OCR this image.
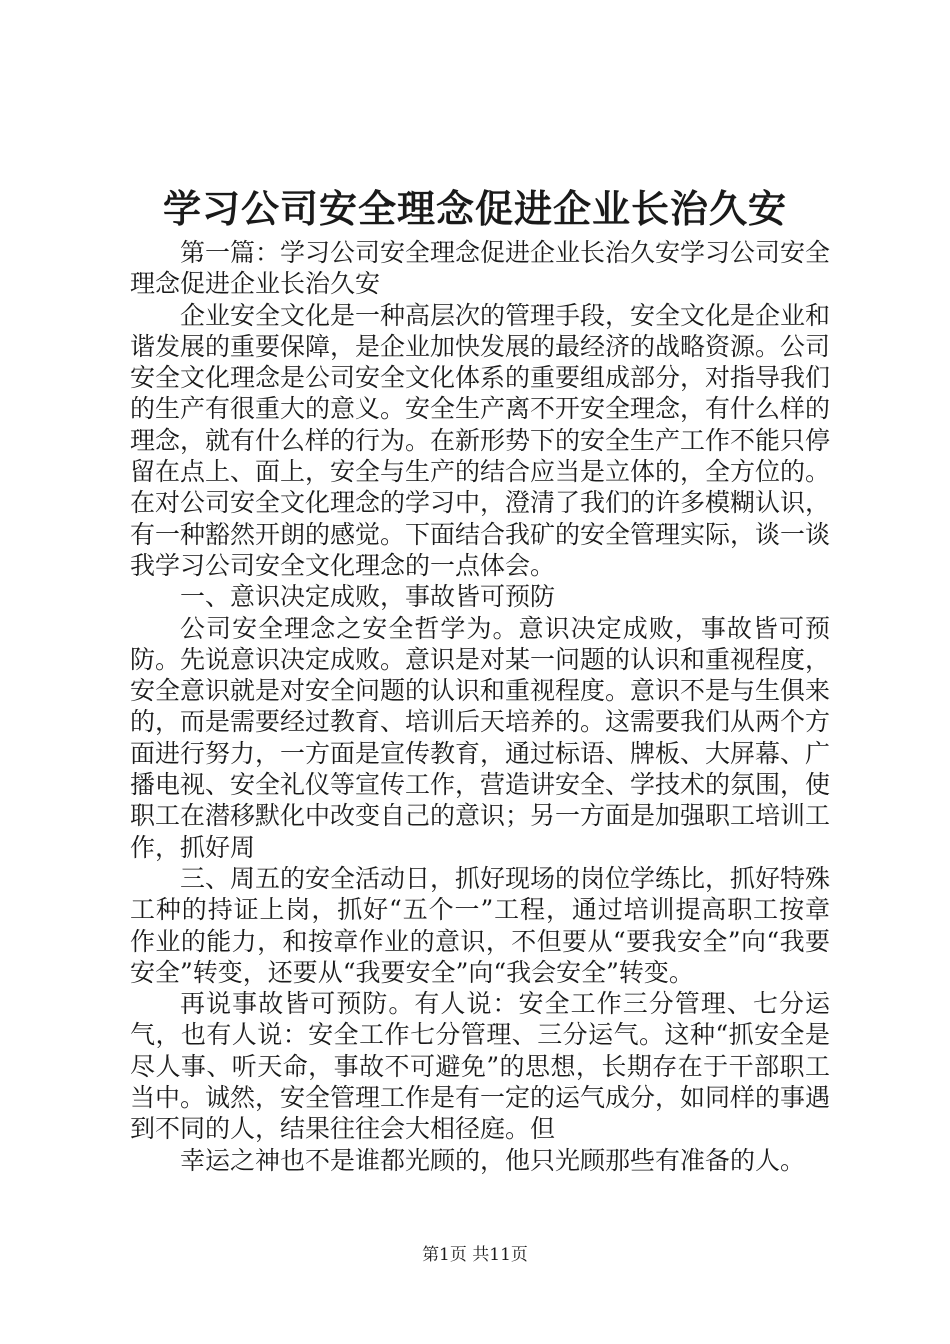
学习公司安全理念促进企业长治久安

第一篇：学习公司安全理念促进企业长治久安学习公司安全理念促进企业长治久安

企业安全文化是一种高层次的管理手段，安全文化是企业和谐发展的重要保障，是企业加快发展的最经济的战略资源。公司安全文化理念是公司安全文化体系的重要组成部分，对指导我们的生产有很重大的意义。安全生产离不开安全理念，有什么样的理念，就有什么样的行为。在新形势下的安全生产工作不能只停留在点上、面上，安全与生产的结合应当是立体的，全方位的。在对公司安全文化理念的学习中，澄清了我们的许多模糊认识，有一种豁然开朗的感觉。下面结合我矿的安全管理实际，谈一谈我学习公司安全文化理念的一点体会。

一、意识决定成败，事故皆可预防

公司安全理念之安全哲学为。意识决定成败，事故皆可预防。先说意识决定成败。意识是对某一问题的认识和重视程度，安全意识就是对安全问题的认识和重视程度。意识不是与生俱来的，而是需要经过教育、培训后天培养的。这需要我们从两个方面进行努力，一方面是宣传教育，通过标语、牌板、大屏幕、广播电视、安全礼仪等宣传工作，营造讲安全、学技术的氛围，使职工在潜移默化中改变自己的意识；另一方面是加强职工培训工作，抓好周

三、周五的安全活动日，抓好现场的岗位学练比，抓好特殊工种的持证上岗，抓好“五个一”工程，通过培训提高职工按章作业的能力，和按章作业的意识，不但要从“要我安全”向“我要安全”转变，还要从“我要安全”向“我会安全”转变。

再说事故皆可预防。有人说：安全工作三分管理、七分运气，也有人说：安全工作七分管理、三分运气。这种“抓安全是尽人事、听天命，事故不可避免”的思想，长期存在于干部职工当中。诚然，安全管理工作是有一定的运气成分，如同样的事遇到不同的人，结果往往会大相径庭。但

幸运之神也不是谁都光顾的，他只光顾那些有准备的人。

第1页 共11页
